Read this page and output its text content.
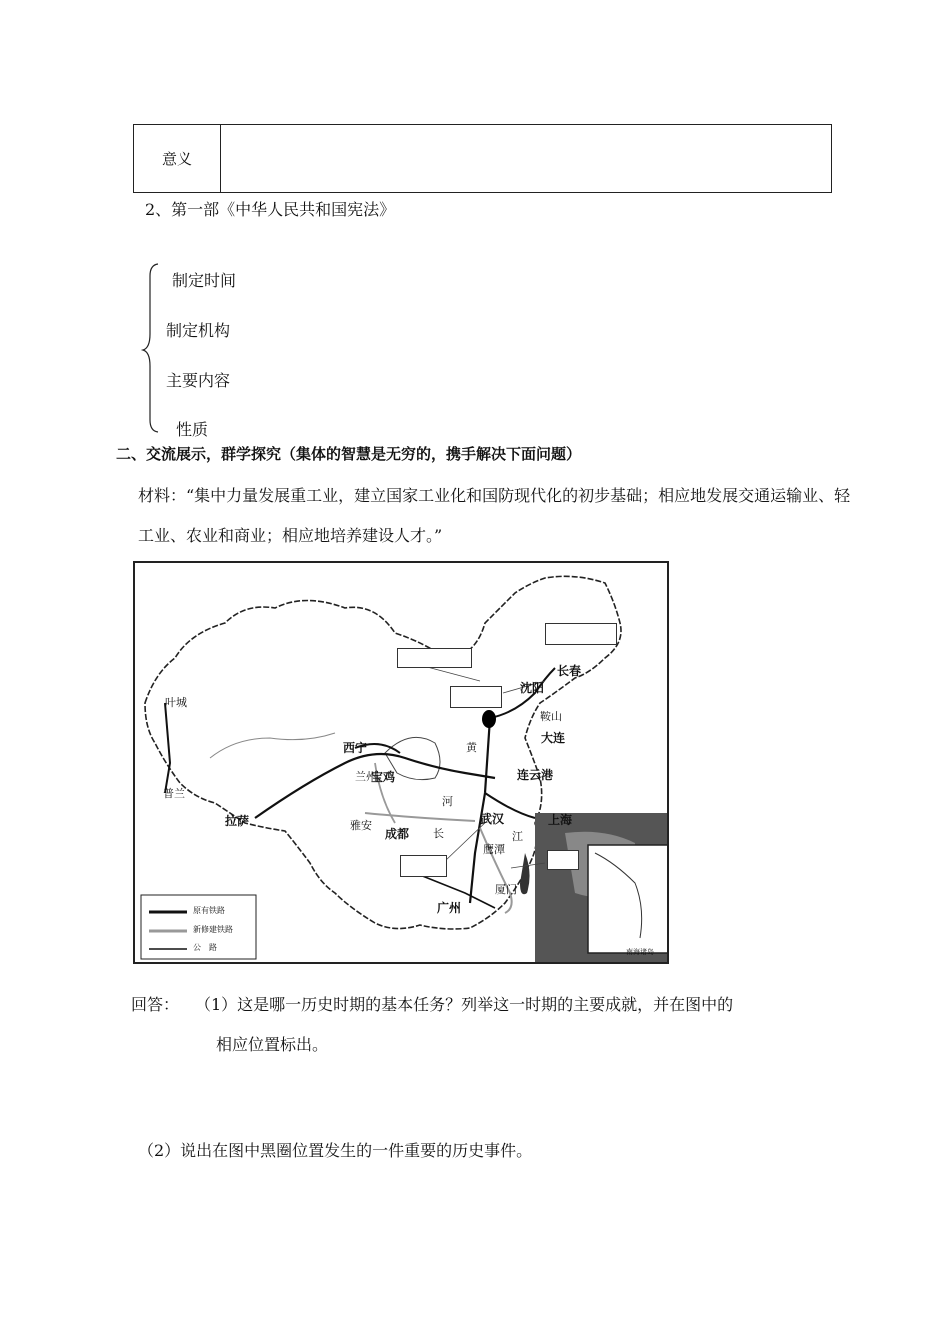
意义	
2、第一部《中华人民共和国宪法》
制定时间
制定机构
主要内容
性质
二、交流展示，群学探究（集体的智慧是无穷的，携手解决下面问题）
材料：“集中力量发展重工业，建立国家工业化和国防现代化的初步基础；相应地发展交通运输业、轻
工业、农业和商业；相应地培养建设人才。”
叶城
普兰
拉萨
西宁
兰州
宝鸡
雅安
成都
武汉
鹰潭
广州
厦门
上海
连云港
大连
鞍山
沈阳
长春
黄
河
长	江
原有铁路
新修建铁路
公　路	南海诸岛
回答： （1）这是哪一历史时期的基本任务？列举这一时期的主要成就，并在图中的
相应位置标出。
（2）说出在图中黑圈位置发生的一件重要的历史事件。
